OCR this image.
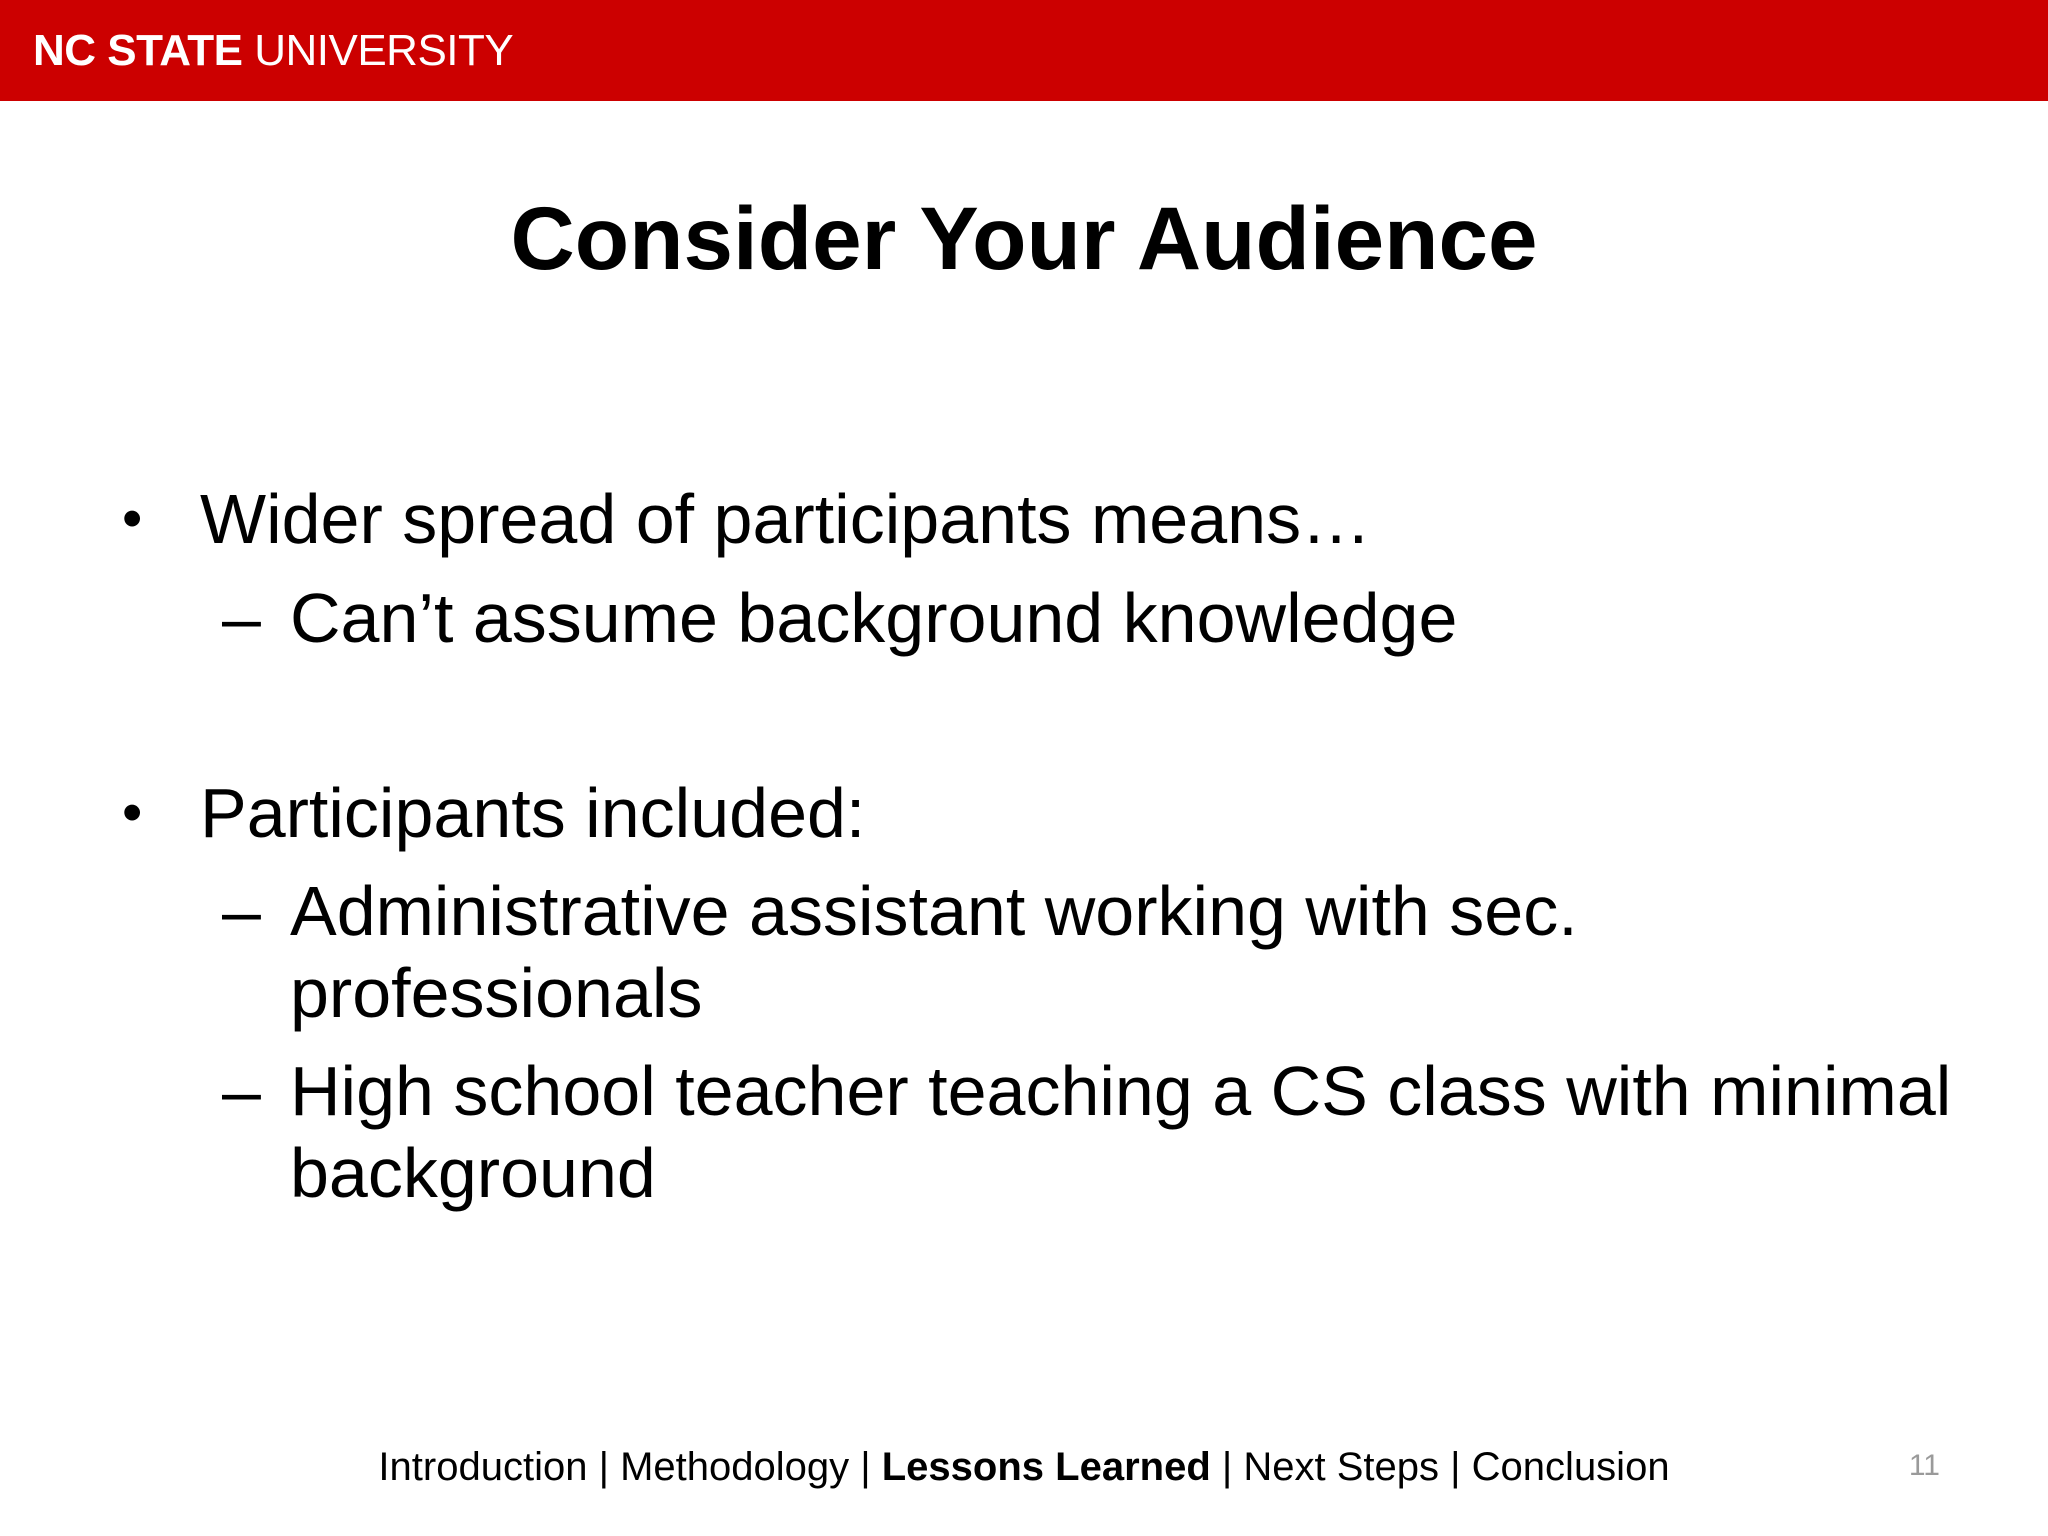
NC STATE UNIVERSITY
Consider Your Audience
• Wider spread of participants means…
– Can’t assume background knowledge
• Participants included:
– Administrative assistant working with sec.
professionals
– High school teacher teaching a CS class with minimal
background
Introduction | Methodology | Lessons Learned | Next Steps | Conclusion	11
